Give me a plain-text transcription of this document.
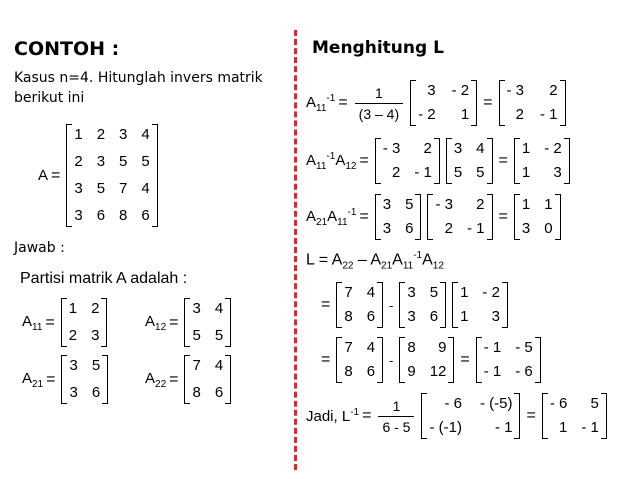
CONTOH :
Kasus n=4. Hitunglah invers matrik
berikut ini
A =
1 2 3 4
2 3 5 5
3 5 7 4
3 6 8 6
Jawab :
Partisi matrik A adalah :
$A_{11}$ =
1 2
2 3
$A_{12}$ =
3 4
5 5
$A_{21}$ =
3 5
3 6
$A_{22}$ =
7 4
8 6
Menghitung L
$A_{11}^{-1} = \frac{1}{(3 - 4)}$	3 - 2
- 2	1
=
- 3	2
2 - 1
$A_{11}^{-1}A_{12}$ =
- 3	2
2 - 1
3 4
5 5
=
1 - 2
1	3
$A_{21}A_{11}^{-1}$ =
3 5
3 6
- 3	2
2 - 1
=
1 1
3 0
$L = A_{22} - A_{21}A_{11}^{-1}A_{12}$
=
7 4
8 6
-
3 5
3 6
1 - 2
1	3
=
7 4
8 6
-
8	9
9 12
=
- 1 - 5
- 1 - 6
Jadi, $L^{-1} = \frac{1}{6 - 5}$	- 6 - (-5)
- (-1)	- 1
=
- 6	5
1 - 1
